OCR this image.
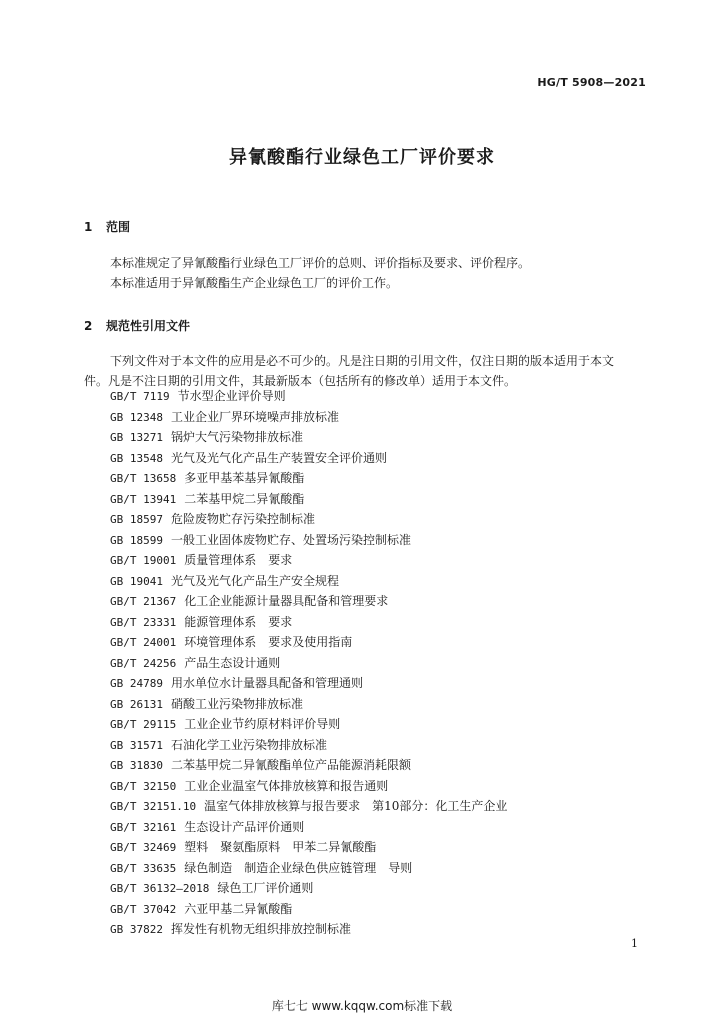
HG/T 5908—2021
异氰酸酯行业绿色工厂评价要求
1 范围
本标准规定了异氰酸酯行业绿色工厂评价的总则、评价指标及要求、评价程序。
本标准适用于异氰酸酯生产企业绿色工厂的评价工作。
2 规范性引用文件
下列文件对于本文件的应用是必不可少的。凡是注日期的引用文件，仅注日期的版本适用于本文
件。凡是不注日期的引用文件，其最新版本（包括所有的修改单）适用于本文件。
GB/T 7119 节水型企业评价导则
GB 12348 工业企业厂界环境噪声排放标准
GB 13271 锅炉大气污染物排放标准
GB 13548 光气及光气化产品生产装置安全评价通则
GB/T 13658 多亚甲基苯基异氰酸酯
GB/T 13941 二苯基甲烷二异氰酸酯
GB 18597 危险废物贮存污染控制标准
GB 18599 一般工业固体废物贮存、处置场污染控制标准
GB/T 19001 质量管理体系　要求
GB 19041 光气及光气化产品生产安全规程
GB/T 21367 化工企业能源计量器具配备和管理要求
GB/T 23331 能源管理体系　要求
GB/T 24001 环境管理体系　要求及使用指南
GB/T 24256 产品生态设计通则
GB 24789 用水单位水计量器具配备和管理通则
GB 26131 硝酸工业污染物排放标准
GB/T 29115 工业企业节约原材料评价导则
GB 31571 石油化学工业污染物排放标准
GB 31830 二苯基甲烷二异氰酸酯单位产品能源消耗限额
GB/T 32150 工业企业温室气体排放核算和报告通则
GB/T 32151.10 温室气体排放核算与报告要求　第10部分：化工生产企业
GB/T 32161 生态设计产品评价通则
GB/T 32469 塑料　聚氨酯原料　甲苯二异氰酸酯
GB/T 33635 绿色制造　制造企业绿色供应链管理　导则
GB/T 36132—2018 绿色工厂评价通则
GB/T 37042 六亚甲基二异氰酸酯
GB 37822 挥发性有机物无组织排放控制标准
1
库七七 www.kqqw.com标准下载
